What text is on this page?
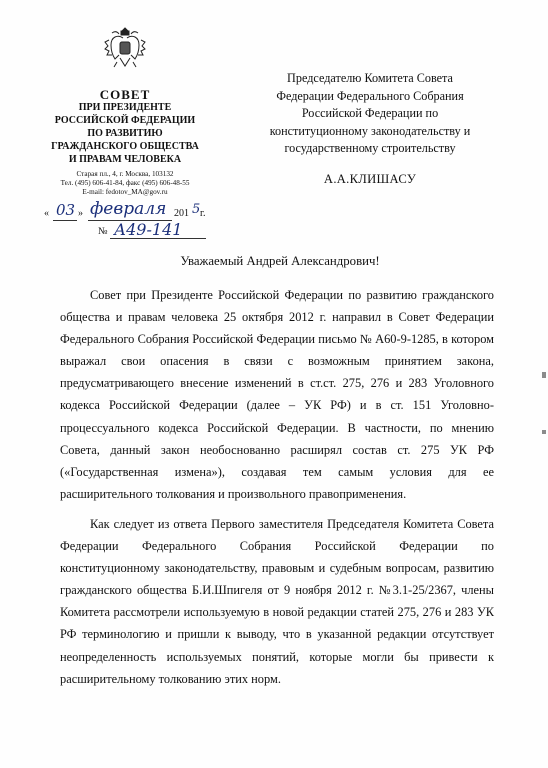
СОВЕТ
ПРИ ПРЕЗИДЕНТЕ
РОССИЙСКОЙ ФЕДЕРАЦИИ
ПО РАЗВИТИЮ
ГРАЖДАНСКОГО ОБЩЕСТВА
И ПРАВАМ ЧЕЛОВЕКА
Старая пл., 4, г. Москва, 103132
Тел. (495) 606-41-84, факс (495) 606-48-55
E-mail: fedotov_MA@gov.ru
« 03 » февраля 201 5 г.
№ А49-141
Председателю Комитета Совета
Федерации Федерального Собрания
Российской Федерации по
конституционному законодательству и
государственному строительству
А.А.КЛИШАСУ
Уважаемый Андрей Александрович!

Совет при Президенте Российской Федерации по развитию гражданского общества и правам человека 25 октября 2012 г. направил в Совет Федерации Федерального Собрания Российской Федерации письмо № А60-9-1285, в котором выражал свои опасения в связи с возможным принятием закона, предусматривающего внесение изменений в ст.ст. 275, 276 и 283 Уголовного кодекса Российской Федерации (далее – УК РФ) и в ст. 151 Уголовно-процессуального кодекса Российской Федерации. В частности, по мнению Совета, данный закон необоснованно расширял состав ст. 275 УК РФ («Государственная измена»), создавая тем самым условия для ее расширительного толкования и произвольного правоприменения.

Как следует из ответа Первого заместителя Председателя Комитета Совета Федерации Федерального Собрания Российской Федерации по конституционному законодательству, правовым и судебным вопросам, развитию гражданского общества Б.И.Шпигеля от 9 ноября 2012 г. №3.1-25/2367, члены Комитета рассмотрели используемую в новой редакции статей 275, 276 и 283 УК РФ терминологию и пришли к выводу, что в указанной редакции отсутствует неопределенность используемых понятий, которые могли бы привести к расширительному толкованию этих норм.
